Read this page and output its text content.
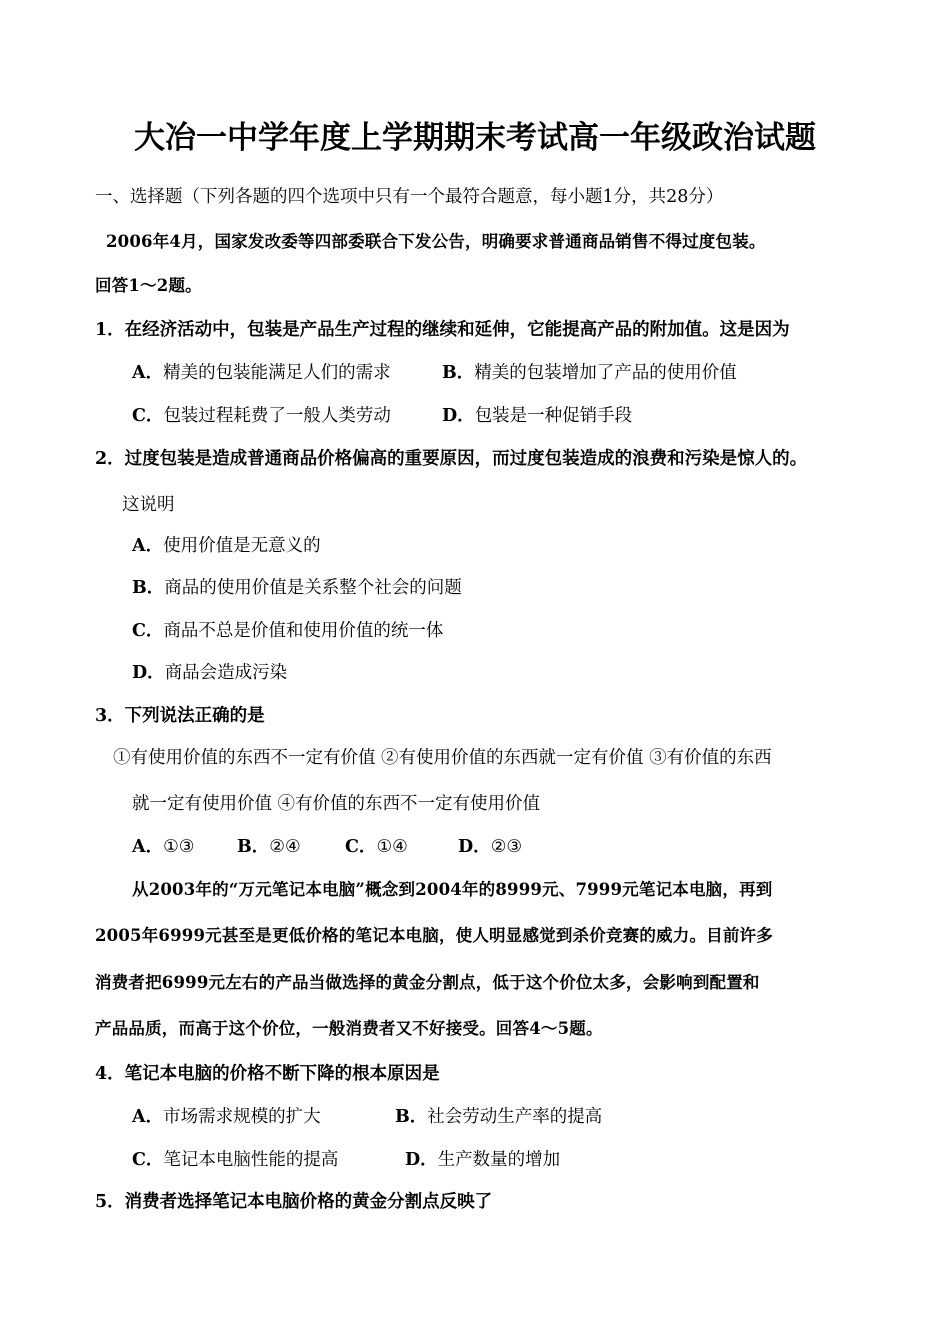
大冶一中学年度上学期期末考试高一年级政治试题
一、选择题（下列各题的四个选项中只有一个最符合题意，每小题1分，共28分）
2006年4月，国家发改委等四部委联合下发公告，明确要求普通商品销售不得过度包装。
回答1～2题。
1．在经济活动中，包装是产品生产过程的继续和延伸，它能提高产品的附加值。这是因为
A．精美的包装能满足人们的需求	B．精美的包装增加了产品的使用价值
C．包装过程耗费了一般人类劳动	D．包装是一种促销手段
2．过度包装是造成普通商品价格偏高的重要原因，而过度包装造成的浪费和污染是惊人的。
这说明
A．使用价值是无意义的
B．商品的使用价值是关系整个社会的问题
C．商品不总是价值和使用价值的统一体
D．商品会造成污染
3．下列说法正确的是
①有使用价值的东西不一定有价值 ②有使用价值的东西就一定有价值 ③有价值的东西
就一定有使用价值 ④有价值的东西不一定有使用价值
A．①③ B．②④	C．①④	D．②③
从2003年的“万元笔记本电脑”概念到2004年的8999元、7999元笔记本电脑，再到
2005年6999元甚至是更低价格的笔记本电脑，使人明显感觉到杀价竞赛的威力。目前许多
消费者把6999元左右的产品当做选择的黄金分割点，低于这个价位太多，会影响到配置和
产品品质，而高于这个价位，一般消费者又不好接受。回答4～5题。
4．笔记本电脑的价格不断下降的根本原因是
A．市场需求规模的扩大	B．社会劳动生产率的提高
C．笔记本电脑性能的提高	D．生产数量的增加
5．消费者选择笔记本电脑价格的黄金分割点反映了
